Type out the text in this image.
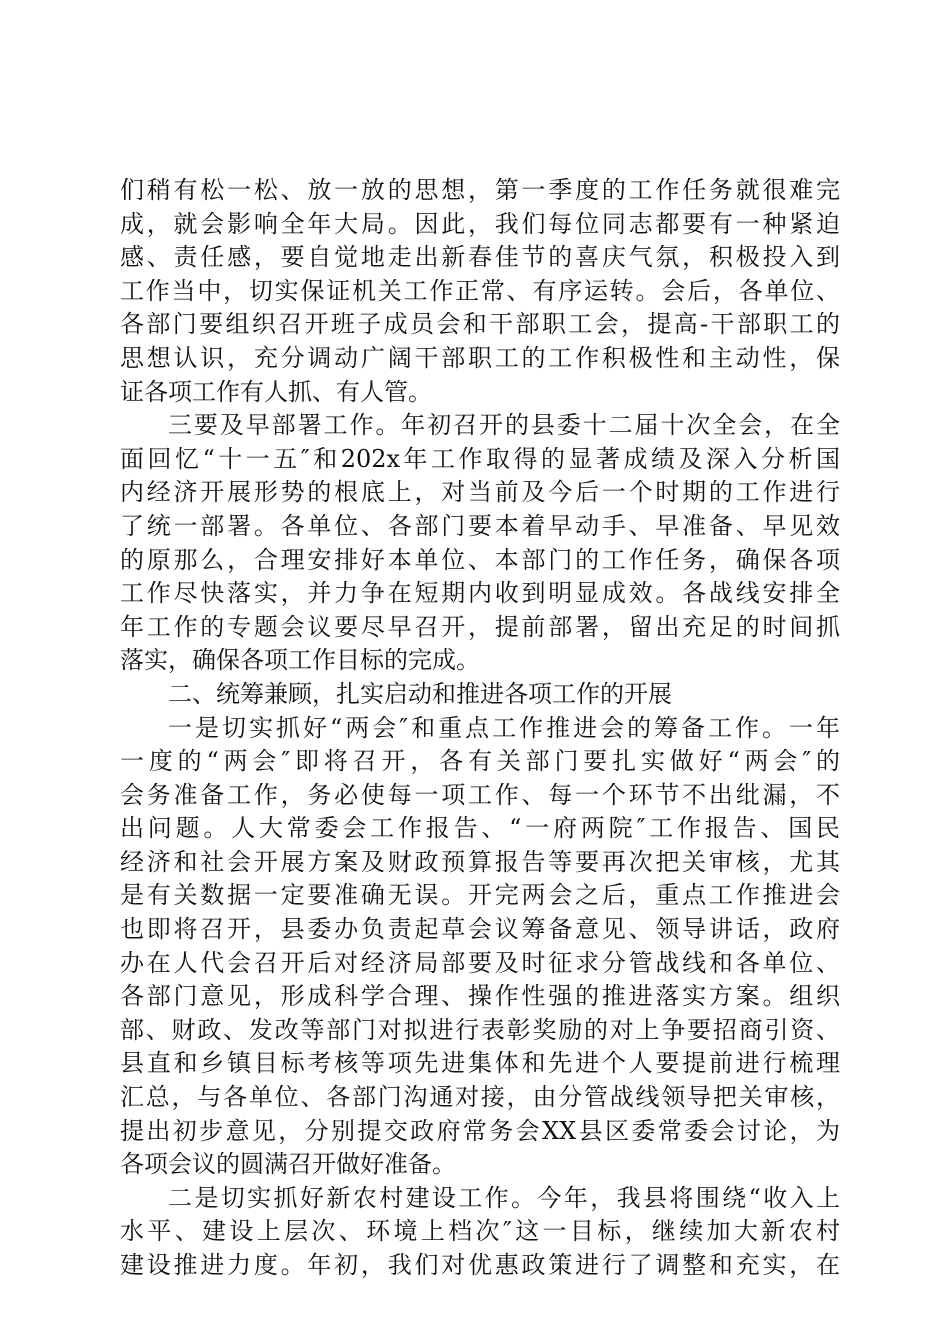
们稍有松一松、放一放的思想，第一季度的工作任务就很难完
成，就会影响全年大局。因此，我们每位同志都要有一种紧迫
感、责任感，要自觉地走出新春佳节的喜庆气氛，积极投入到
工作当中，切实保证机关工作正常、有序运转。会后，各单位、
各部门要组织召开班子成员会和干部职工会，提高-干部职工的
思想认识，充分调动广阔干部职工的工作积极性和主动性，保
证各项工作有人抓、有人管。
三要及早部署工作。年初召开的县委十二届十次全会，在全
面回忆“十一五″和202x年工作取得的显著成绩及深入分析国
内经济开展形势的根底上，对当前及今后一个时期的工作进行
了统一部署。各单位、各部门要本着早动手、早准备、早见效
的原那么，合理安排好本单位、本部门的工作任务，确保各项
工作尽快落实，并力争在短期内收到明显成效。各战线安排全
年工作的专题会议要尽早召开，提前部署，留出充足的时间抓
落实，确保各项工作目标的完成。
二、统筹兼顾，扎实启动和推进各项工作的开展
一是切实抓好“两会″和重点工作推进会的筹备工作。一年
一度的“两会″即将召开，各有关部门要扎实做好“两会″的
会务准备工作，务必使每一项工作、每一个环节不出纰漏，不
出问题。人大常委会工作报告、“一府两院″工作报告、国民
经济和社会开展方案及财政预算报告等要再次把关审核，尤其
是有关数据一定要准确无误。开完两会之后，重点工作推进会
也即将召开，县委办负责起草会议筹备意见、领导讲话，政府
办在人代会召开后对经济局部要及时征求分管战线和各单位、
各部门意见，形成科学合理、操作性强的推进落实方案。组织
部、财政、发改等部门对拟进行表彰奖励的对上争要招商引资、
县直和乡镇目标考核等项先进集体和先进个人要提前进行梳理
汇总，与各单位、各部门沟通对接，由分管战线领导把关审核，
提出初步意见，分别提交政府常务会XX县区委常委会讨论，为
各项会议的圆满召开做好准备。
二是切实抓好新农村建设工作。今年，我县将围绕“收入上
水平、建设上层次、环境上档次″这一目标，继续加大新农村
建设推进力度。年初，我们对优惠政策进行了调整和充实，在
